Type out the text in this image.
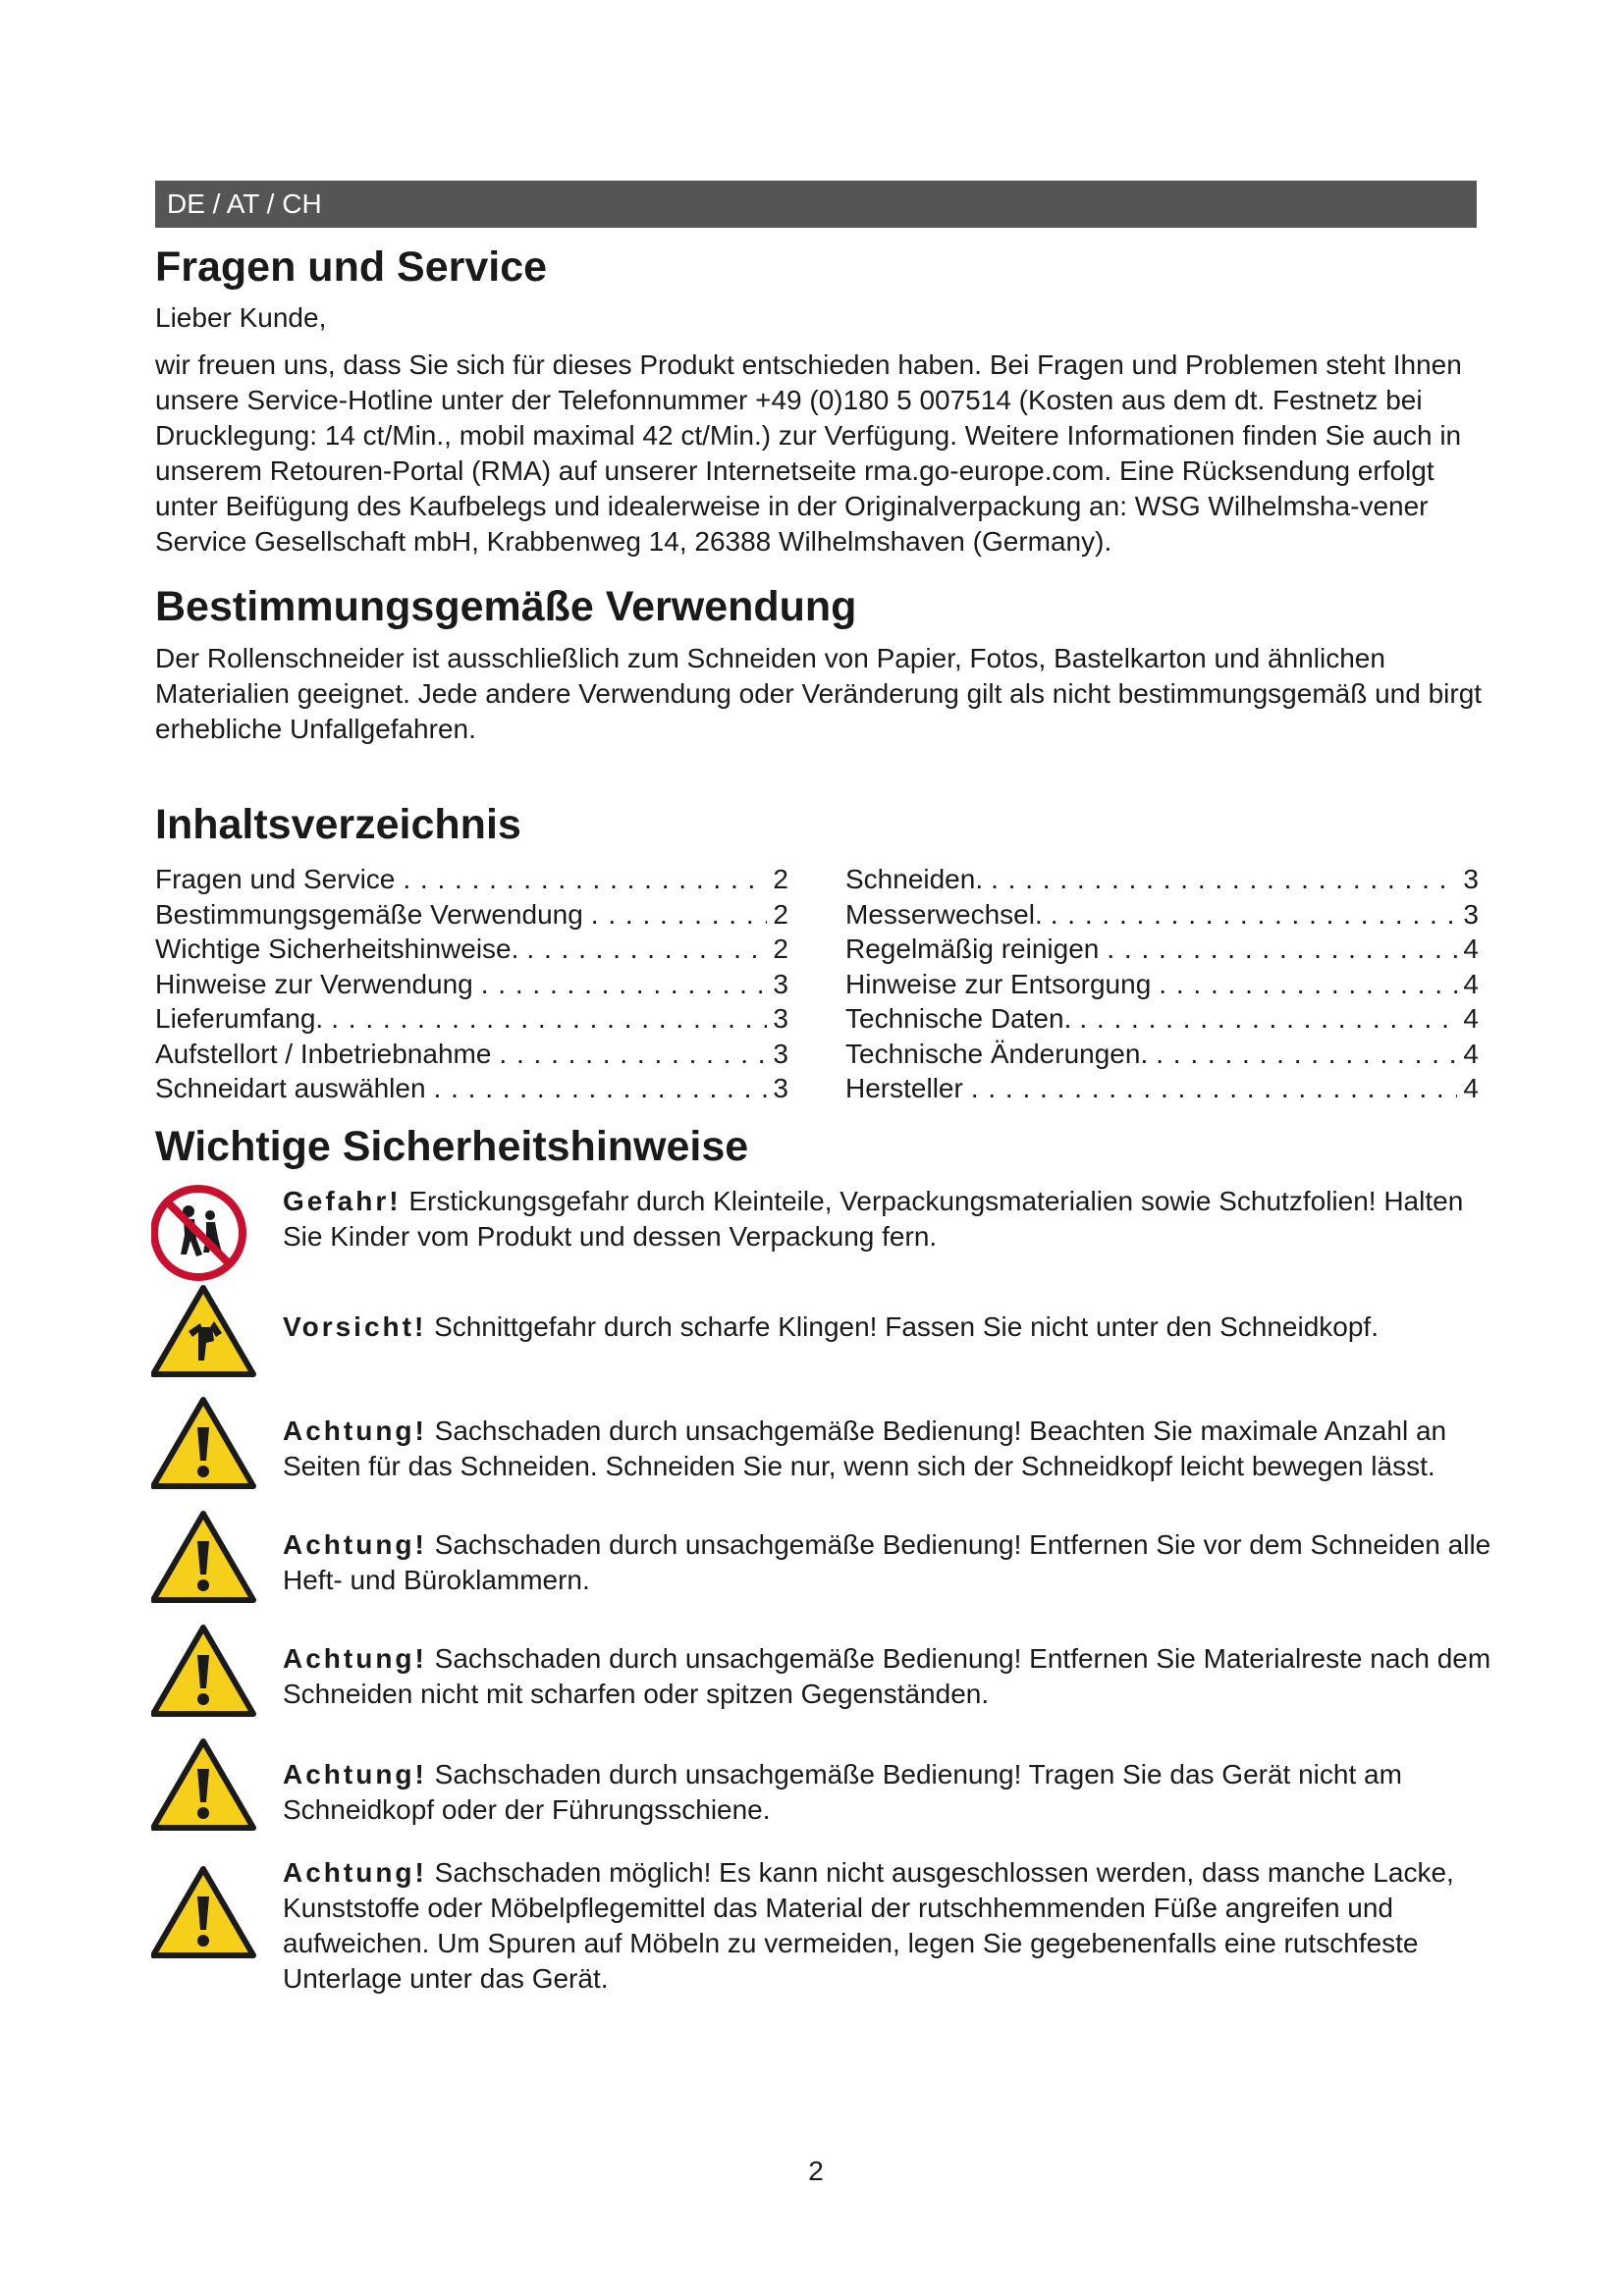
DE / AT / CH
Fragen und Service
Lieber Kunde,
wir freuen uns, dass Sie sich für dieses Produkt entschieden haben. Bei Fragen und Problemen steht Ihnen unsere Service-Hotline unter der Telefonnummer +49 (0)180 5 007514 (Kosten aus dem dt. Festnetz bei Drucklegung: 14 ct/Min., mobil maximal 42 ct/Min.) zur Verfügung. Weitere Informationen finden Sie auch in unserem Retouren-Portal (RMA) auf unserer Internetseite rma.go-europe.com. Eine Rücksendung erfolgt unter Beifügung des Kaufbelegs und idealerweise in der Originalverpackung an: WSG Wilhelmsha-vener Service Gesellschaft mbH, Krabbenweg 14, 26388 Wilhelmshaven (Germany).
Bestimmungsgemäße Verwendung
Der Rollenschneider ist ausschließlich zum Schneiden von Papier, Fotos, Bastelkarton und ähnlichen Materialien geeignet. Jede andere Verwendung oder Veränderung gilt als nicht bestimmungsgemäß und birgt erhebliche Unfallgefahren.
Inhaltsverzeichnis
Fragen und Service . . .	2
Bestimmungsgemäße Verwendung . . .	2
Wichtige Sicherheitshinweise. . . .	2
Hinweise zur Verwendung . . .	3
Lieferumfang. . . .	3
Aufstellort / Inbetriebnahme . . .	3
Schneidart auswählen . . .	3
Schneiden. . . .	3
Messerwechsel. . . .	3
Regelmäßig reinigen . . .	4
Hinweise zur Entsorgung . . .	4
Technische Daten. . . .	4
Technische Änderungen. . . .	4
Hersteller . . .	4
Wichtige Sicherheitshinweise
Gefahr! Erstickungsgefahr durch Kleinteile, Verpackungsmaterialien sowie Schutzfolien! Halten Sie Kinder vom Produkt und dessen Verpackung fern.
Vorsicht! Schnittgefahr durch scharfe Klingen! Fassen Sie nicht unter den Schneidkopf.
Achtung! Sachschaden durch unsachgemäße Bedienung! Beachten Sie maximale Anzahl an Seiten für das Schneiden. Schneiden Sie nur, wenn sich der Schneidkopf leicht bewegen lässt.
Achtung! Sachschaden durch unsachgemäße Bedienung! Entfernen Sie vor dem Schneiden alle Heft- und Büroklammern.
Achtung! Sachschaden durch unsachgemäße Bedienung! Entfernen Sie Materialreste nach dem Schneiden nicht mit scharfen oder spitzen Gegenständen.
Achtung! Sachschaden durch unsachgemäße Bedienung! Tragen Sie das Gerät nicht am Schneidkopf oder der Führungsschiene.
Achtung! Sachschaden möglich! Es kann nicht ausgeschlossen werden, dass manche Lacke, Kunststoffe oder Möbelpflegemittel das Material der rutschhemmenden Füße angreifen und aufweichen. Um Spuren auf Möbeln zu vermeiden, legen Sie gegebenenfalls eine rutschfeste Unterlage unter das Gerät.
2
